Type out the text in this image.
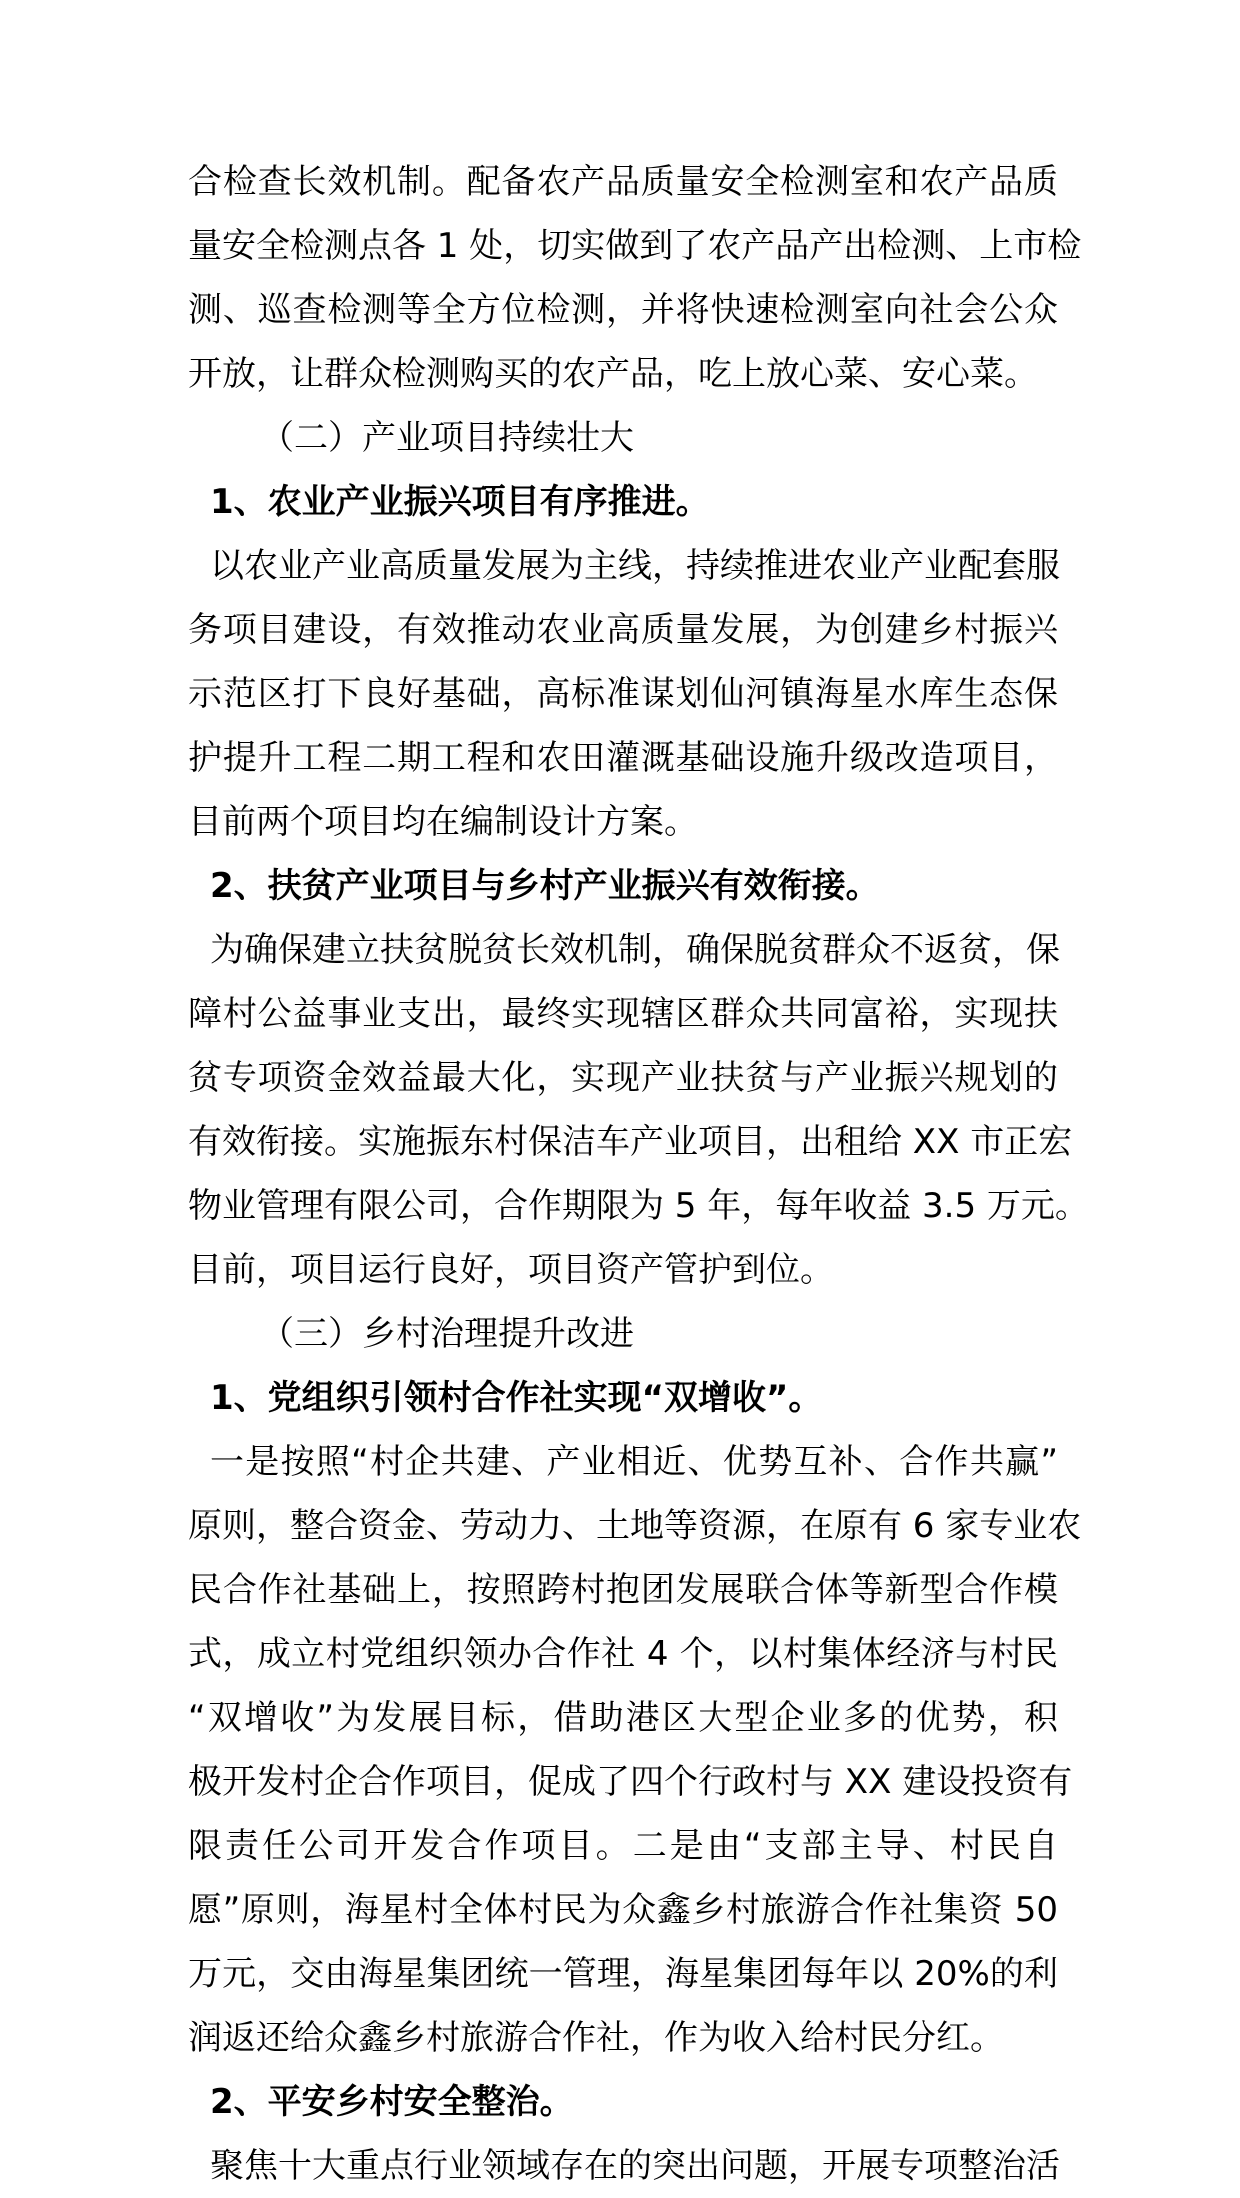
合检查长效机制。配备农产品质量安全检测室和农产品质
量安全检测点各 1 处，切实做到了农产品产出检测、上市检
测、巡查检测等全方位检测，并将快速检测室向社会公众
开放，让群众检测购买的农产品，吃上放心菜、安心菜。
（二）产业项目持续壮大
1、农业产业振兴项目有序推进。
以农业产业高质量发展为主线，持续推进农业产业配套服
务项目建设，有效推动农业高质量发展，为创建乡村振兴
示范区打下良好基础，高标准谋划仙河镇海星水库生态保
护提升工程二期工程和农田灌溉基础设施升级改造项目，
目前两个项目均在编制设计方案。
2、扶贫产业项目与乡村产业振兴有效衔接。
为确保建立扶贫脱贫长效机制，确保脱贫群众不返贫，保
障村公益事业支出，最终实现辖区群众共同富裕，实现扶
贫专项资金效益最大化，实现产业扶贫与产业振兴规划的
有效衔接。实施振东村保洁车产业项目，出租给 XX 市正宏
物业管理有限公司，合作期限为 5 年，每年收益 3.5 万元。
目前，项目运行良好，项目资产管护到位。
（三）乡村治理提升改进
1、党组织引领村合作社实现“双增收”。
一是按照“村企共建、产业相近、优势互补、合作共赢”
原则，整合资金、劳动力、土地等资源，在原有 6 家专业农
民合作社基础上，按照跨村抱团发展联合体等新型合作模
式，成立村党组织领办合作社 4 个，以村集体经济与村民
“双增收”为发展目标，借助港区大型企业多的优势，积
极开发村企合作项目，促成了四个行政村与 XX 建设投资有
限责任公司开发合作项目。二是由“支部主导、村民自
愿”原则，海星村全体村民为众鑫乡村旅游合作社集资 50
万元，交由海星集团统一管理，海星集团每年以 20%的利
润返还给众鑫乡村旅游合作社，作为收入给村民分红。
2、平安乡村安全整治。
聚焦十大重点行业领域存在的突出问题，开展专项整治活
